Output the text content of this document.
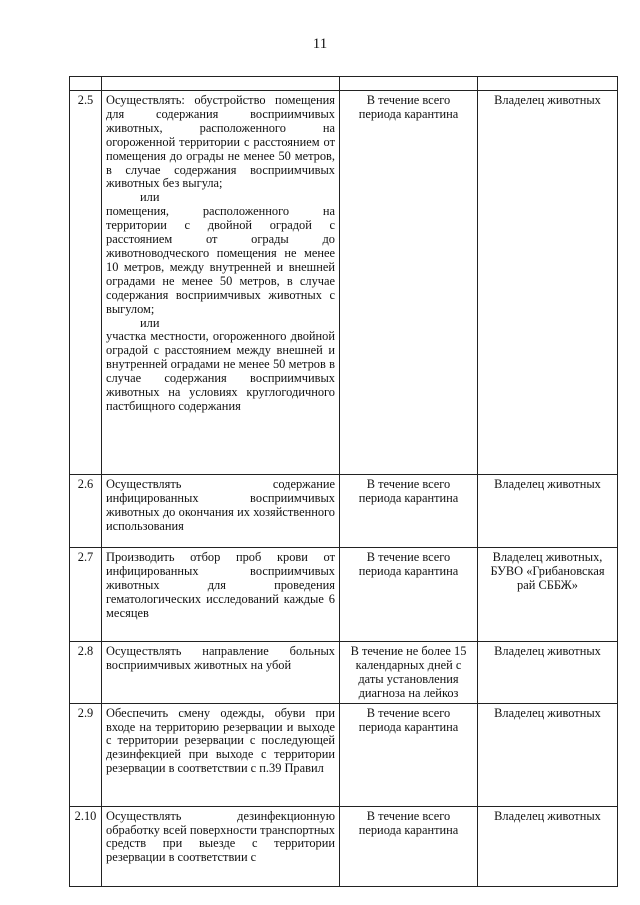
11

2.5	Осуществлять: обустройство помещения для содержания восприимчивых животных, расположенного на огороженной территории с расстоянием от помещения до ограды не менее 50 метров, в случае содержания восприимчивых животных без выгула;
или
помещения, расположенного на территории с двойной оградой с расстоянием от ограды до животноводческого помещения не менее 10 метров, между внутренней и внешней оградами не менее 50 метров, в случае содержания восприимчивых животных с выгулом;
или
участка местности, огороженного двойной оградой с расстоянием между внешней и внутренней оградами не менее 50 метров в случае содержания восприимчивых животных на условиях круглогодичного пастбищного содержания	В течение всего периода карантина	Владелец животных
2.6	Осуществлять содержание инфицированных восприимчивых животных до окончания их хозяйственного использования	В течение всего периода карантина	Владелец животных
2.7	Производить отбор проб крови от инфицированных восприимчивых животных для проведения гематологических исследований каждые 6 месяцев	В течение всего периода карантина	Владелец животных, БУВО «Грибановская рай СББЖ»
2.8	Осуществлять направление больных восприимчивых животных на убой	В течение не более 15 календарных дней с даты установления диагноза на лейкоз	Владелец животных
2.9	Обеспечить смену одежды, обуви при входе на территорию резервации и выходе с территории резервации с последующей дезинфекцией при выходе с территории резервации в соответствии с п.39 Правил	В течение всего периода карантина	Владелец животных
2.10	Осуществлять дезинфекционную обработку всей поверхности транспортных средств при выезде с территории резервации в соответствии с	В течение всего периода карантина	Владелец животных
